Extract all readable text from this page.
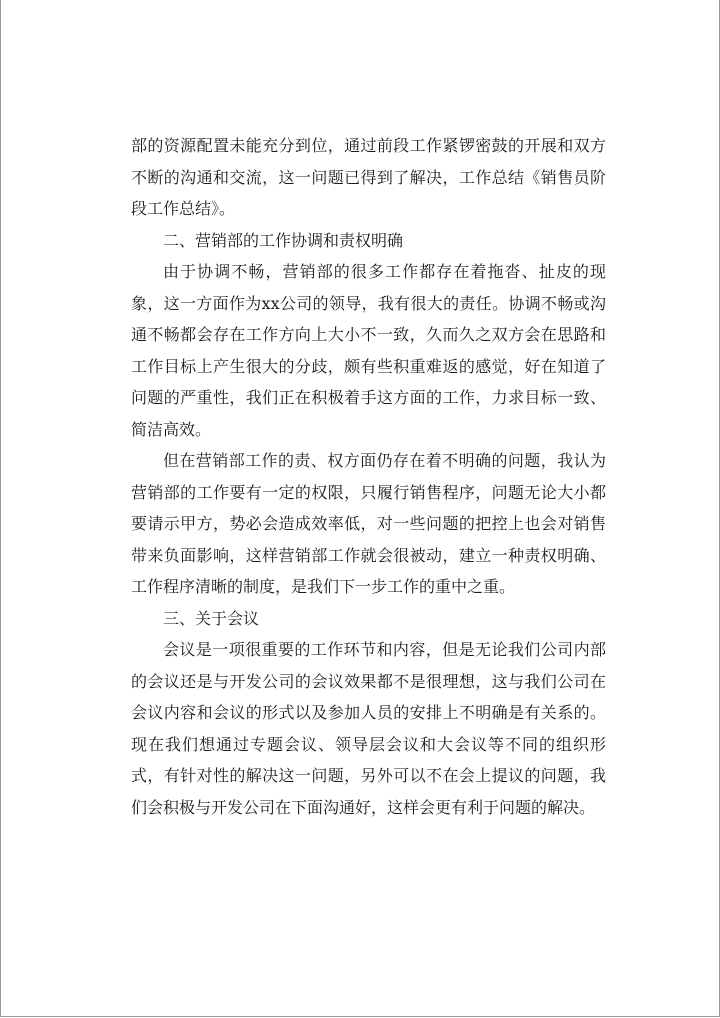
部的资源配置未能充分到位，通过前段工作紧锣密鼓的开展和双方不断的沟通和交流，这一问题已得到了解决，工作总结《销售员阶段工作总结》。

二、营销部的工作协调和责权明确

由于协调不畅，营销部的很多工作都存在着拖沓、扯皮的现象，这一方面作为xx公司的领导，我有很大的责任。协调不畅或沟通不畅都会存在工作方向上大小不一致，久而久之双方会在思路和工作目标上产生很大的分歧，颇有些积重难返的感觉，好在知道了问题的严重性，我们正在积极着手这方面的工作，力求目标一致、简洁高效。

但在营销部工作的责、权方面仍存在着不明确的问题，我认为营销部的工作要有一定的权限，只履行销售程序，问题无论大小都要请示甲方，势必会造成效率低，对一些问题的把控上也会对销售带来负面影响，这样营销部工作就会很被动，建立一种责权明确、工作程序清晰的制度，是我们下一步工作的重中之重。

三、关于会议

会议是一项很重要的工作环节和内容，但是无论我们公司内部的会议还是与开发公司的会议效果都不是很理想，这与我们公司在会议内容和会议的形式以及参加人员的安排上不明确是有关系的。现在我们想通过专题会议、领导层会议和大会议等不同的组织形式，有针对性的解决这一问题，另外可以不在会上提议的问题，我们会积极与开发公司在下面沟通好，这样会更有利于问题的解决。
